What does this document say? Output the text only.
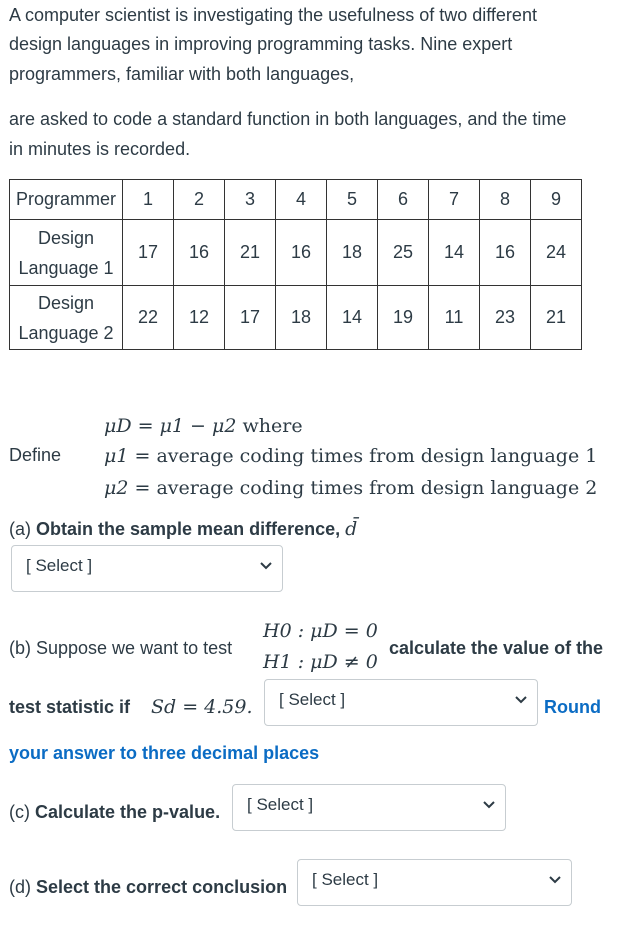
A computer scientist is investigating the usefulness of two different
design languages in improving programming tasks. Nine expert
programmers, familiar with both languages,
are asked to code a standard function in both languages, and the time
in minutes is recorded.
Programmer	1	2	3	4	5	6	7	8	9

Design
Language 1	17	16	21	16	18	25	14	16	24

Design
Language 2	22	12	17	18	14	19	11	23	21
Define
μD = μ1 − μ2 where
μ1 = average coding times from design language 1
μ2 = average coding times from design language 2
(a) Obtain the sample mean difference, d̄
[ Select ]
(b) Suppose we want to test
H0 : μD = 0
H1 : μD ≠ 0
calculate the value of the
test statistic if Sd = 4.59. [ Select ]	Round
your answer to three decimal places
(c) Calculate the p-value. [ Select ]
(d) Select the correct conclusion [ Select ]
